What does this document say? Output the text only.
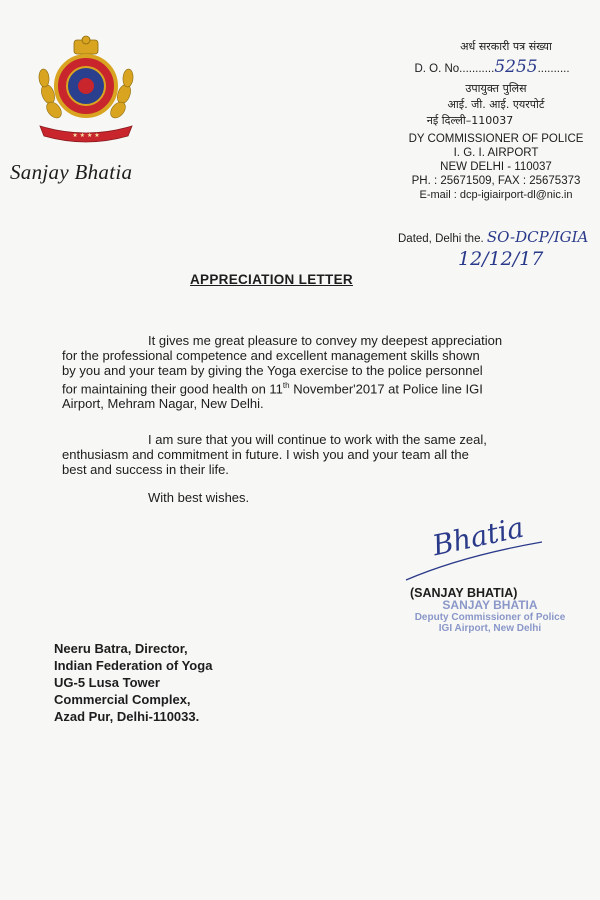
★ ★ ★ ★
Sanjay Bhatia
अर्ध सरकारी पत्र संख्या
D. O. No...........5255..........
उपायुक्त पुलिस
आई. जी. आई. एयरपोर्ट
नई दिल्ली–110037
DY COMMISSIONER OF POLICE
I. G. I. AIRPORT
NEW DELHI - 110037
PH. : 25671509, FAX : 25675373
E-mail : dcp-igiairport-dl@nic.in
Dated, Delhi the. SO-DCP/IGIA
12/12/17
APPRECIATION LETTER
It gives me great pleasure to convey my deepest appreciation
for the professional competence and excellent management skills shown
by you and your team by giving the Yoga exercise to the police personnel
for maintaining their good health on 11th November'2017 at Police line IGI
Airport, Mehram Nagar, New Delhi.
I am sure that you will continue to work with the same zeal,
enthusiasm and commitment in future. I wish you and your team all the
best and success in their life.
With best wishes.
Bhatia
(SANJAY BHATIA)
SANJAY BHATIA
Deputy Commissioner of Police
IGI Airport, New Delhi
Neeru Batra, Director,
Indian Federation of Yoga
UG-5 Lusa Tower
Commercial Complex,
Azad Pur, Delhi-110033.
